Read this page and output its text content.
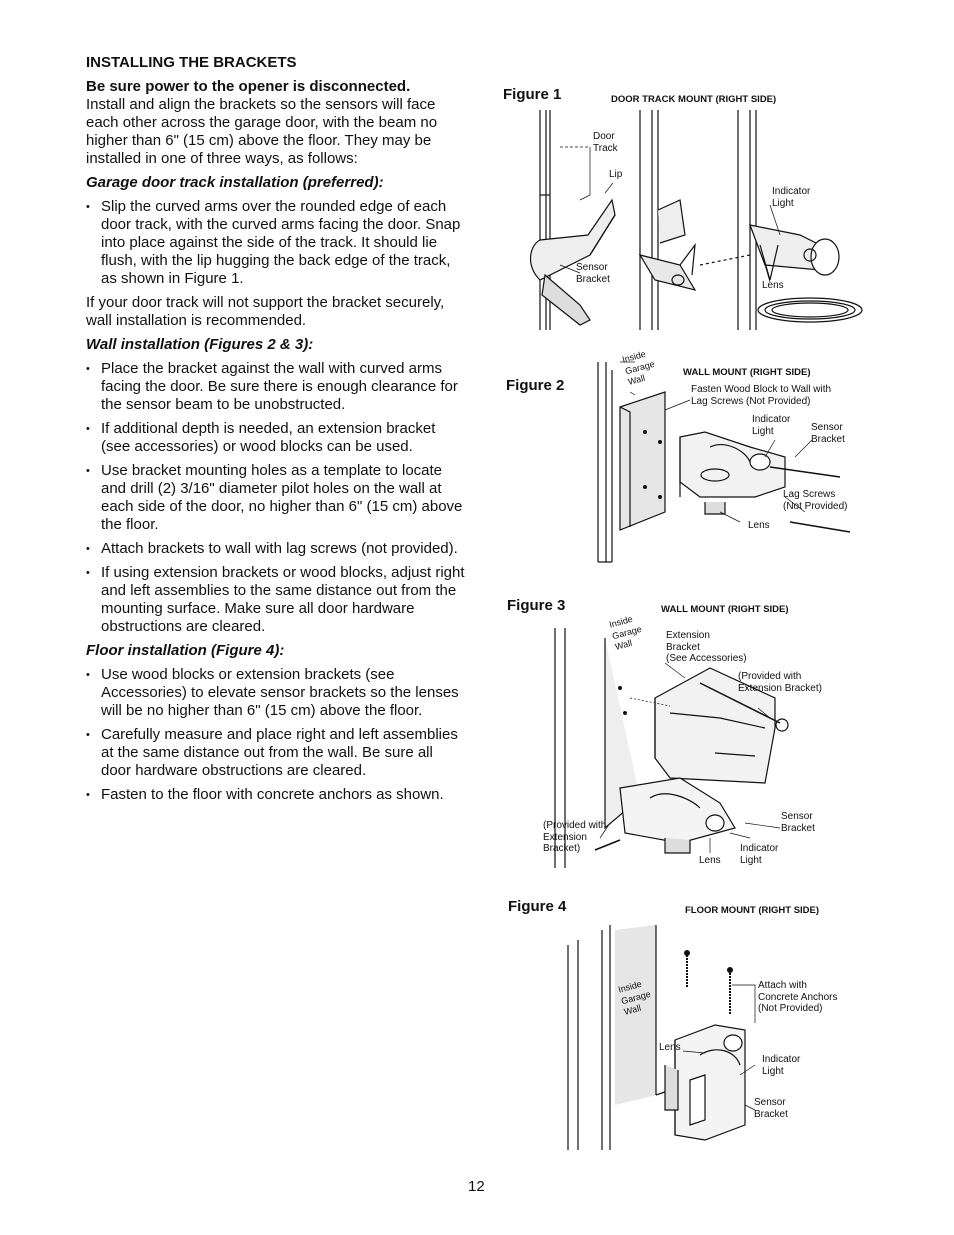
INSTALLING THE BRACKETS

Be sure power to the opener is disconnected.
Install and align the brackets so the sensors will face each other across the garage door, with the beam no higher than 6" (15 cm) above the floor. They may be installed in one of three ways, as follows:

Garage door track installation (preferred):
• Slip the curved arms over the rounded edge of each door track, with the curved arms facing the door. Snap into place against the side of the track. It should lie flush, with the lip hugging the back edge of the track, as shown in Figure 1.

If your door track will not support the bracket securely, wall installation is recommended.

Wall installation (Figures 2 & 3):
• Place the bracket against the wall with curved arms facing the door. Be sure there is enough clearance for the sensor beam to be unobstructed.
• If additional depth is needed, an extension bracket (see accessories) or wood blocks can be used.
• Use bracket mounting holes as a template to locate and drill (2) 3/16" diameter pilot holes on the wall at each side of the door, no higher than 6" (15 cm) above the floor.
• Attach brackets to wall with lag screws (not provided).
• If using extension brackets or wood blocks, adjust right and left assemblies to the same distance out from the mounting surface. Make sure all door hardware obstructions are cleared.
Floor installation (Figure 4):
• Use wood blocks or extension brackets (see Accessories) to elevate sensor brackets so the lenses will be no higher than 6" (15 cm) above the floor.
• Carefully measure and place right and left assemblies at the same distance out from the wall. Be sure all door hardware obstructions are cleared.
• Fasten to the floor with concrete anchors as shown.
Figure 1	DOOR TRACK MOUNT (RIGHT SIDE)
Door
Track
Lip
Sensor
Bracket
Indicator
Light
Lens
Figure 2
WALL MOUNT (RIGHT SIDE)
Inside
Garage
Wall
Fasten Wood Block to Wall with
Lag Screws (Not Provided)
Indicator
Light	Sensor
Bracket
Lag Screws
(Not Provided)
Lens
Figure 3	WALL MOUNT (RIGHT SIDE)
Inside
Garage
Wall
Extension
Bracket
(See Accessories)
(Provided with
Extension Bracket)
Sensor
Bracket
Indicator
Light
Lens
(Provided with
Extension
Bracket)
Figure 4	FLOOR MOUNT (RIGHT SIDE)
Inside
Garage
Wall
Attach with
Concrete Anchors
(Not Provided)
Lens
Indicator
Light
Sensor
Bracket
12
